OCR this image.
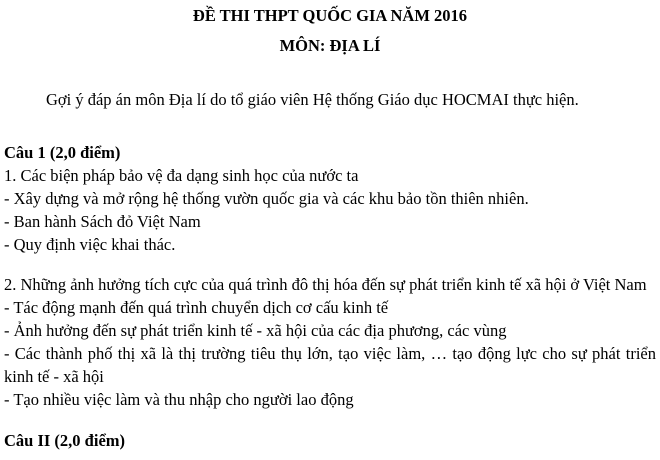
ĐỀ THI THPT QUỐC GIA NĂM 2016
MÔN: ĐỊA LÍ
Gợi ý đáp án môn Địa lí do tổ giáo viên Hệ thống Giáo dục HOCMAI thực hiện.
Câu 1 (2,0 điểm)
1. Các biện pháp bảo vệ đa dạng sinh học của nước ta
- Xây dựng và mở rộng hệ thống vườn quốc gia và các khu bảo tồn thiên nhiên.
- Ban hành Sách đỏ Việt Nam
- Quy định việc khai thác.
2. Những ảnh hưởng tích cực của quá trình đô thị hóa đến sự phát triển kinh tế xã hội ở Việt Nam
- Tác động mạnh đến quá trình chuyển dịch cơ cấu kinh tế
- Ảnh hưởng đến sự phát triển kinh tế - xã hội của các địa phương, các vùng
- Các thành phố thị xã là thị trường tiêu thụ lớn, tạo việc làm, … tạo động lực cho sự phát triển
kinh tế - xã hội
- Tạo nhiều việc làm và thu nhập cho người lao động
Câu II (2,0 điểm)
